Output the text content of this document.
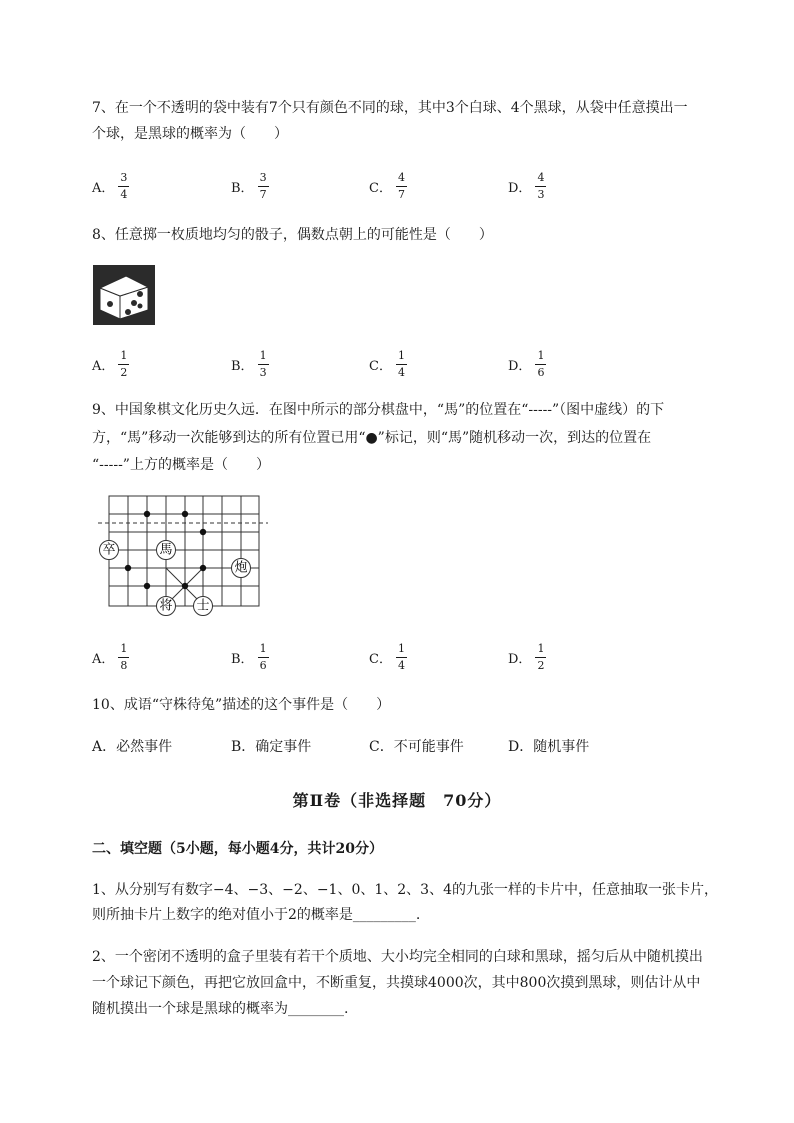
7、在一个不透明的袋中装有7个只有颜色不同的球，其中3个白球、4个黑球，从袋中任意摸出一
个球，是黑球的概率为（　　）
A． $\frac{3}{4}$	B． $\frac{3}{7}$	C． $\frac{4}{7}$	D． $\frac{4}{3}$
8、任意掷一枚质地均匀的骰子，偶数点朝上的可能性是（　　）
A． $\frac{1}{2}$	B． $\frac{1}{3}$	C． $\frac{1}{4}$	D． $\frac{1}{6}$
9、中国象棋文化历史久远．在图中所示的部分棋盘中，“馬”的位置在“-----”（图中虚线）的下
方，“馬”移动一次能够到达的所有位置已用“●”标记，则“馬”随机移动一次，到达的位置在
“-----”上方的概率是（　　）
卒	馬
炮
将 士
A． $\frac{1}{8}$	B． $\frac{1}{6}$	C． $\frac{1}{4}$	D． $\frac{1}{2}$
10、成语“守株待兔”描述的这个事件是（　　）
A．必然事件	B．确定事件	C．不可能事件	D．随机事件
第Ⅱ卷（非选择题　70分）
二、填空题（5小题，每小题4分，共计20分）
1、从分别写有数字−4、−3、−2、−1、0、1、2、3、4的九张一样的卡片中，任意抽取一张卡片，
则所抽卡片上数字的绝对值小于2的概率是_________.
2、一个密闭不透明的盒子里装有若干个质地、大小均完全相同的白球和黑球，摇匀后从中随机摸出
一个球记下颜色，再把它放回盒中，不断重复，共摸球4000次，其中800次摸到黑球，则估计从中
随机摸出一个球是黑球的概率为________.
